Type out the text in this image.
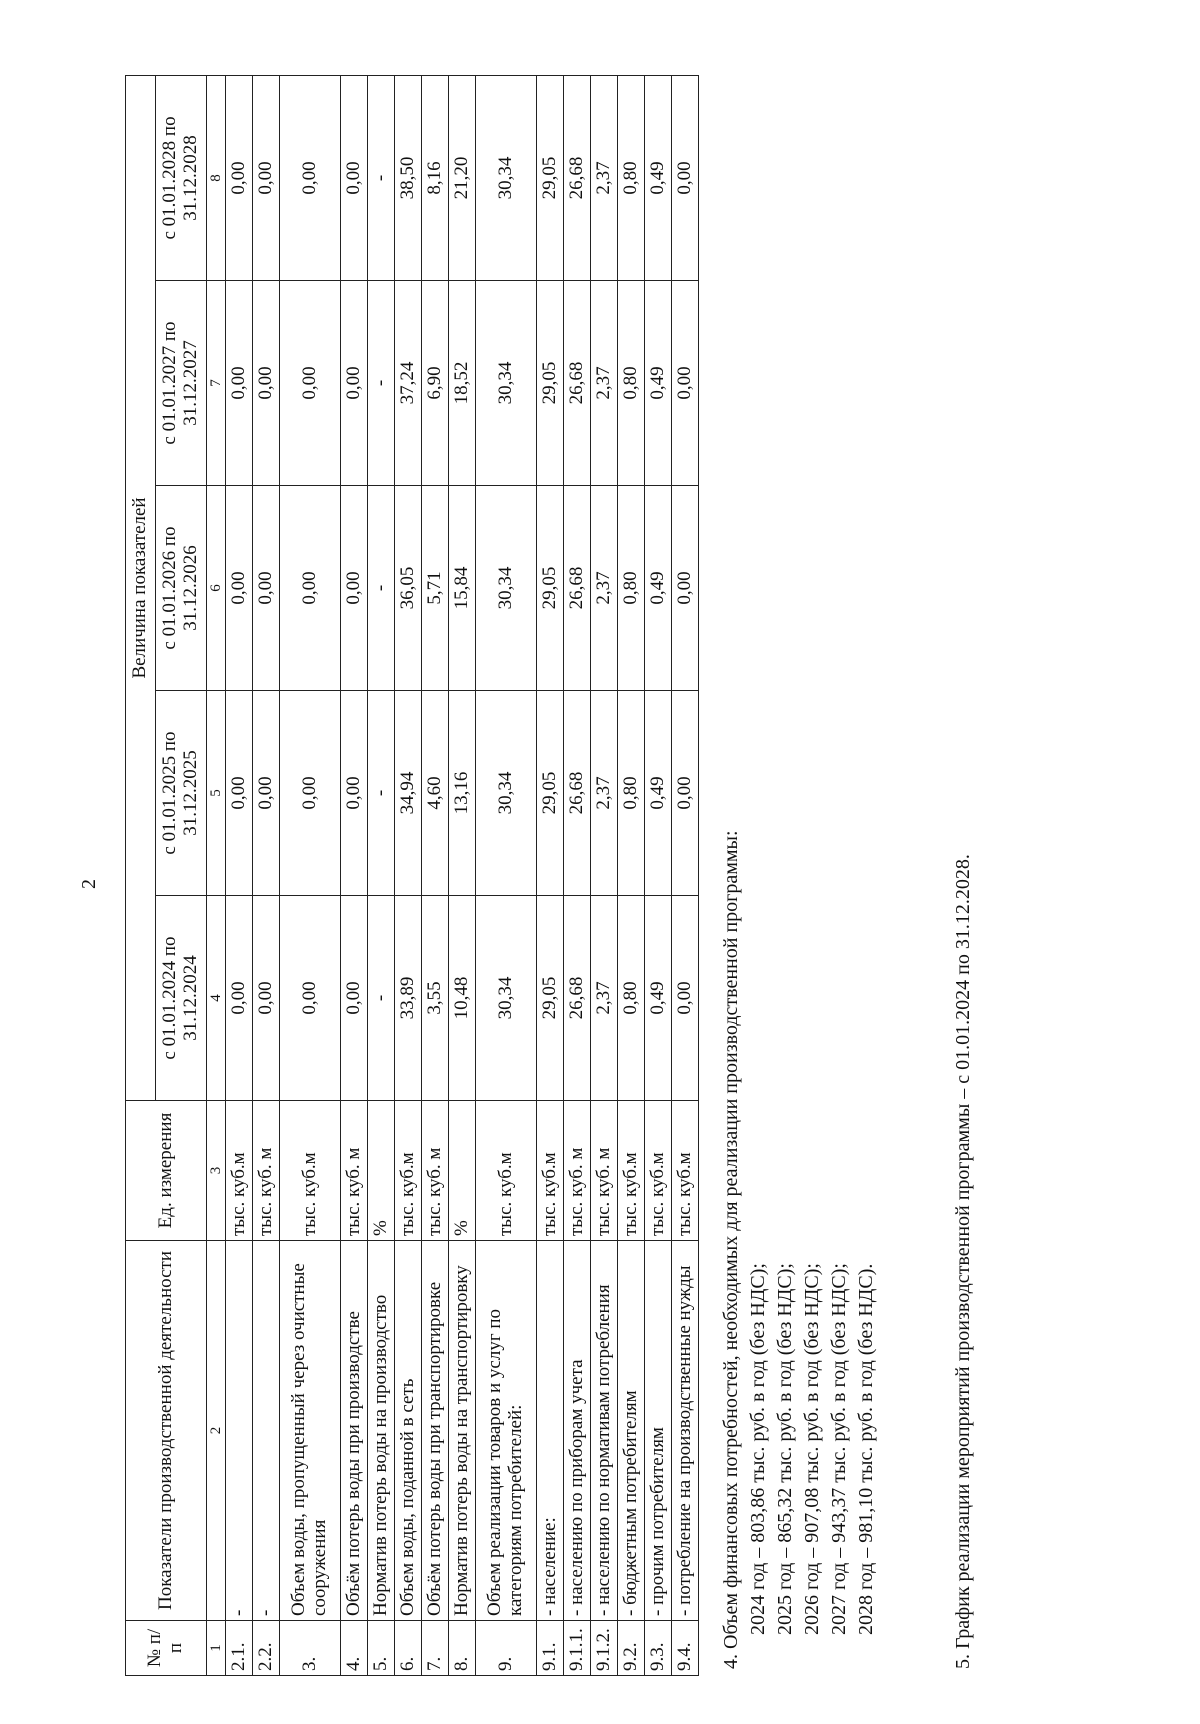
2
№ п/п	Показатели производственной деятельности	Ед. измерения	Величина показателей				
			с 01.01.2024 по 31.12.2024	с 01.01.2025 по 31.12.2025	с 01.01.2026 по 31.12.2026	с 01.01.2027 по 31.12.2027	с 01.01.2028 по 31.12.2028
1	2	3	4	5	6	7	8
2.1.	-	тыс. куб.м	0,00	0,00	0,00	0,00	0,00
2.2.	-	тыс. куб. м	0,00	0,00	0,00	0,00	0,00
3.	Объем воды, пропущенный через очистные сооружения	тыс. куб.м	0,00	0,00	0,00	0,00	0,00
4.	Объём потерь воды при производстве	тыс. куб. м	0,00	0,00	0,00	0,00	0,00
5.	Норматив потерь воды на производство	%	-	-	-	-	-
6.	Объем воды, поданной в сеть	тыс. куб.м	33,89	34,94	36,05	37,24	38,50
7.	Объём потерь воды при транспортировке	тыс. куб. м	3,55	4,60	5,71	6,90	8,16
8.	Норматив потерь воды на транспортировку	%	10,48	13,16	15,84	18,52	21,20
9.	Объем реализации товаров и услуг по категориям потребителей:	тыс. куб.м	30,34	30,34	30,34	30,34	30,34
9.1.	- население:	тыс. куб.м	29,05	29,05	29,05	29,05	29,05
9.1.1.	- населению по приборам учета	тыс. куб. м	26,68	26,68	26,68	26,68	26,68
9.1.2.	- населению по нормативам потребления	тыс. куб. м	2,37	2,37	2,37	2,37	2,37
9.2.	- бюджетным потребителям	тыс. куб.м	0,80	0,80	0,80	0,80	0,80
9.3.	- прочим потребителям	тыс. куб.м	0,49	0,49	0,49	0,49	0,49
9.4.	- потребление на производственные нужды	тыс. куб.м	0,00	0,00	0,00	0,00	0,00

4. Объем финансовых потребностей, необходимых для реализации производственной программы: 2024 год – 803,86 тыс. руб. в год (без НДС); 2025 год – 865,32 тыс. руб. в год (без НДС); 2026 год – 907,08 тыс. руб. в год (без НДС); 2027 год – 943,37 тыс. руб. в год (без НДС); 2028 год – 981,10 тыс. руб. в год (без НДС).	5. График реализации мероприятий производственной программы – с 01.01.2024 по 31.12.2028.
